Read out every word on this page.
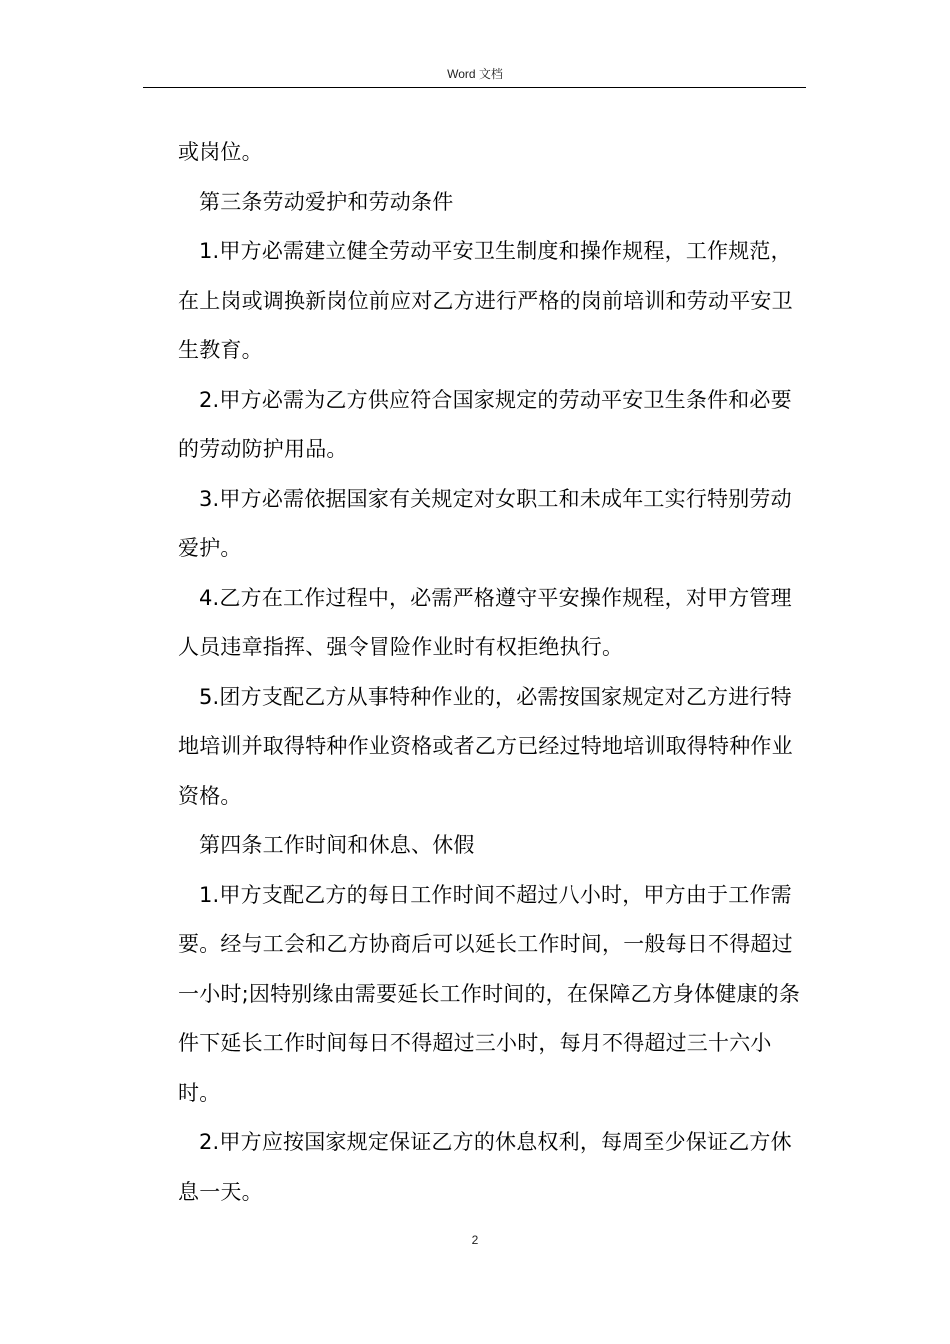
Word 文档

或岗位。

第三条劳动爱护和劳动条件

1.甲方必需建立健全劳动平安卫生制度和操作规程，工作规范，在上岗或调换新岗位前应对乙方进行严格的岗前培训和劳动平安卫生教育。

2.甲方必需为乙方供应符合国家规定的劳动平安卫生条件和必要的劳动防护用品。

3.甲方必需依据国家有关规定对女职工和未成年工实行特别劳动爱护。

4.乙方在工作过程中，必需严格遵守平安操作规程，对甲方管理人员违章指挥、强令冒险作业时有权拒绝执行。

5.团方支配乙方从事特种作业的，必需按国家规定对乙方进行特地培训并取得特种作业资格或者乙方已经过特地培训取得特种作业资格。

第四条工作时间和休息、休假

1.甲方支配乙方的每日工作时间不超过八小时，甲方由于工作需要。经与工会和乙方协商后可以延长工作时间，一般每日不得超过一小时;因特别缘由需要延长工作时间的，在保障乙方身体健康的条件下延长工作时间每日不得超过三小时，每月不得超过三十六小时。

2.甲方应按国家规定保证乙方的休息权利，每周至少保证乙方休息一天。

2
